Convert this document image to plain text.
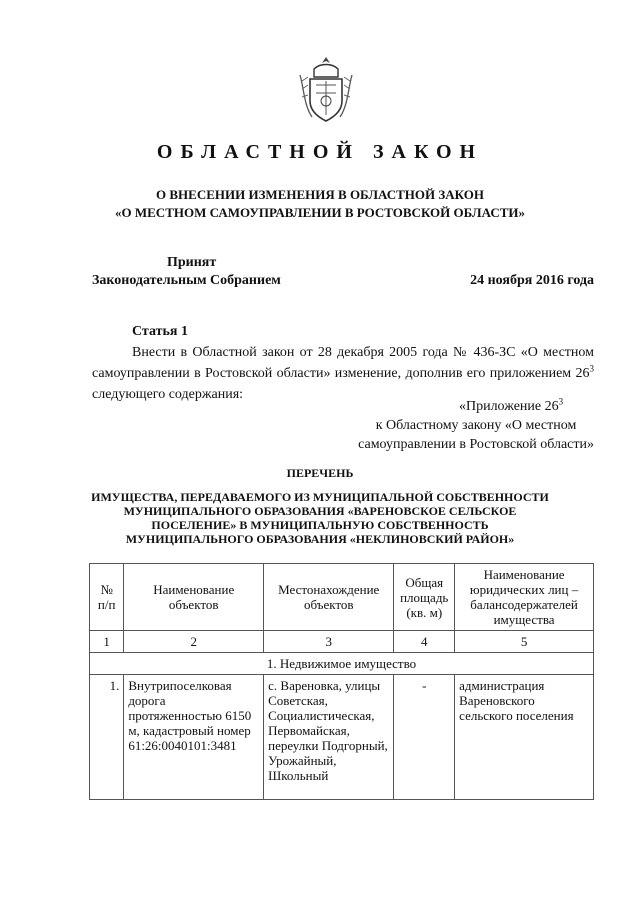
ОБЛАСТНОЙ ЗАКОН
О ВНЕСЕНИИ ИЗМЕНЕНИЯ В ОБЛАСТНОЙ ЗАКОН
«О МЕСТНОМ САМОУПРАВЛЕНИИ В РОСТОВСКОЙ ОБЛАСТИ»
Принят
Законодательным Собранием	24 ноября 2016 года
Статья 1
Внести в Областной закон от 28 декабря 2005 года № 436-ЗС «О местном самоуправлении в Ростовской области» изменение, дополнив его приложением $26^3$ следующего содержания:
«Приложение $26^3$
к Областному закону «О местном
самоуправлении в Ростовской области»
ПЕРЕЧЕНЬ
ИМУЩЕСТВА, ПЕРЕДАВАЕМОГО ИЗ МУНИЦИПАЛЬНОЙ СОБСТВЕННОСТИ
МУНИЦИПАЛЬНОГО ОБРАЗОВАНИЯ «ВАРЕНОВСКОЕ СЕЛЬСКОЕ
ПОСЕЛЕНИЕ» В МУНИЦИПАЛЬНУЮ СОБСТВЕННОСТЬ
МУНИЦИПАЛЬНОГО ОБРАЗОВАНИЯ «НЕКЛИНОВСКИЙ РАЙОН»
№ п/п	Наименование объектов	Местонахождение объектов	Общая площадь (кв. м)	Наименование юридических лиц – балансодержателей имущества
1	2	3	4	5
1. Недвижимое имущество				
1.	Внутрипоселковая дорога протяженностью 6150 м, кадастровый номер 61:26:0040101:3481	с. Вареновка, улицы Советская, Социалистическая, Первомайская, переулки Подгорный, Урожайный, Школьный	-	администрация Вареновского сельского поселения
